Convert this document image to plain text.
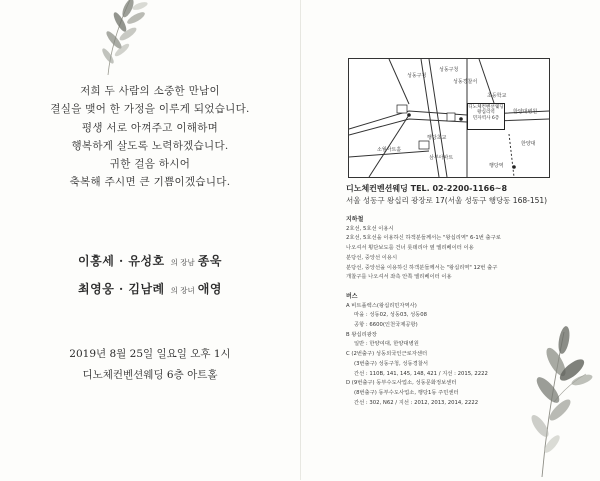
저희 두 사람의 소중한 만남이

결실을 맺어 한 가정을 이루게 되었습니다.

평생 서로 아껴주고 이해하며

행복하게 살도록 노력하겠습니다.

귀한 걸음 하시어

축복해 주시면 큰 기쁨이겠습니다.

이홍세 · 유성호 의 장남 종욱
최영웅 · 김남례 의 장녀 애영

2019년 8월 25일 일요일 오후 1시

디노체컨벤션웨딩 6층 아트홀

성동구청
성동구청
성동경찰서
초등학교
소월아트홀
행당초교
삼부아파트
한양대병원
한양대
행당역
디노체컨벤션웨딩
왕십리역
민자역사 6층
디노체컨벤션웨딩 TEL. 02-2200-1166~8
서울 성동구 왕십리 광장로 17(서울 성동구 행당동 168-151)

지하철

2호선, 5호선 이용시

2호선, 5호선을 이용하신 하객분들께서는 "왕십리역" 6-1번 출구로

나오셔서 횡단보도를 건너 롯데리아 옆 엘리베이터 이용

분당선, 중앙선 이용시

분당선, 중앙선을 이용하신 하객분들께서는 "왕십리역" 12번 출구

개찰구를 나오셔서 좌측 안쪽 엘리베이터 이용

버스

A 비트플렉스(왕십리민자역사)

마을 : 성동02, 성동03, 성동08

공항 : 6600(인천국제공항)

B 왕십리광장

일반 : 한양여대, 한양대병원

C (2번출구) 성동외국인근로자센터

(3번출구) 성동구청, 성동경찰서

간선 : 110B, 141, 145, 148, 421 / 지선 : 2015, 2222

D (9번출구) 동부수도사업소, 성동문화정보센터

(8번출구) 동부수도사업소, 행당1동 주민센터

간선 : 302, N62 / 지선 : 2012, 2013, 2014, 2222
